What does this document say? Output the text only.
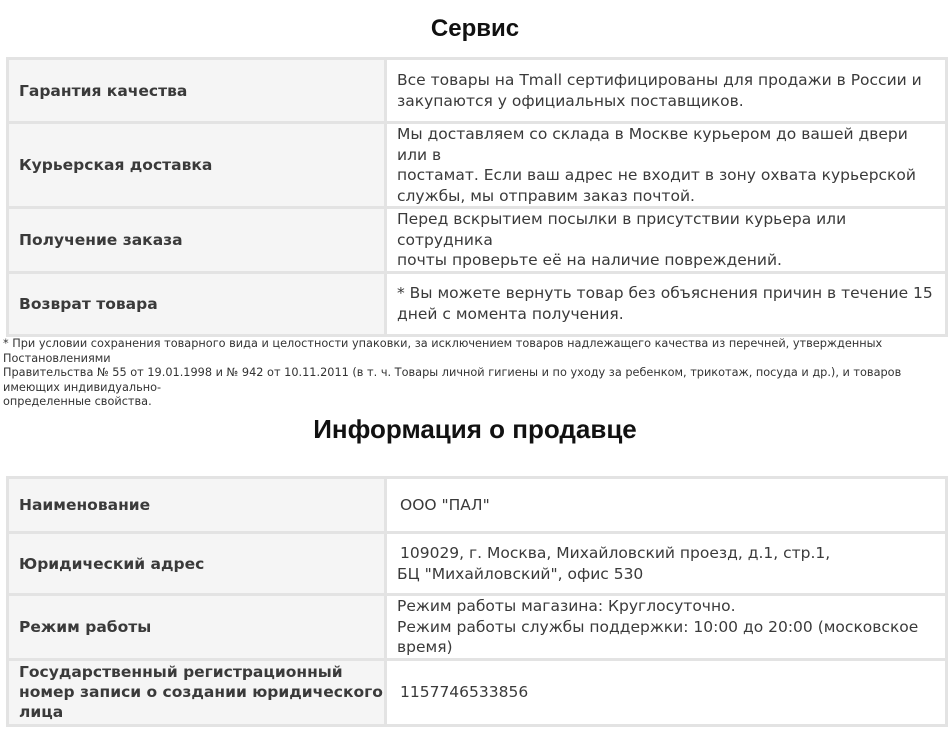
Сервис
Гарантия качества	Все товары на Tmall сертифицированы для продажи в России и
закупаются у официальных поставщиков.

Курьерская доставка	Мы доставляем со склада в Москве курьером до вашей двери или в
постамат. Если ваш адрес не входит в зону охвата курьерской
службы, мы отправим заказ почтой.

Получение заказа	Перед вскрытием посылки в присутствии курьера или сотрудника
почты проверьте её на наличие повреждений.

Возврат товара	* Вы можете вернуть товар без объяснения причин в течение 15
дней с момента получения.
* При условии сохранения товарного вида и целостности упаковки, за исключением товаров надлежащего качества из перечней, утвержденных Постановлениями
Правительства № 55 от 19.01.1998 и № 942 от 10.11.2011 (в т. ч. Товары личной гигиены и по уходу за ребенком, трикотаж, посуда и др.), и товаров имеющих индивидуально-
определенные свойства.
Информация о продавце
Наименование	ООО "ПАЛ"

Юридический адрес	109029, г. Москва, Михайловский проезд, д.1, стр.1,
БЦ "Михайловский", офис 530

Режим работы	Режим работы магазина: Круглосуточно.
Режим работы службы поддержки: 10:00 до 20:00 (московское время)

Государственный регистрационный
номер записи о создании юридического
лица	1157746533856
